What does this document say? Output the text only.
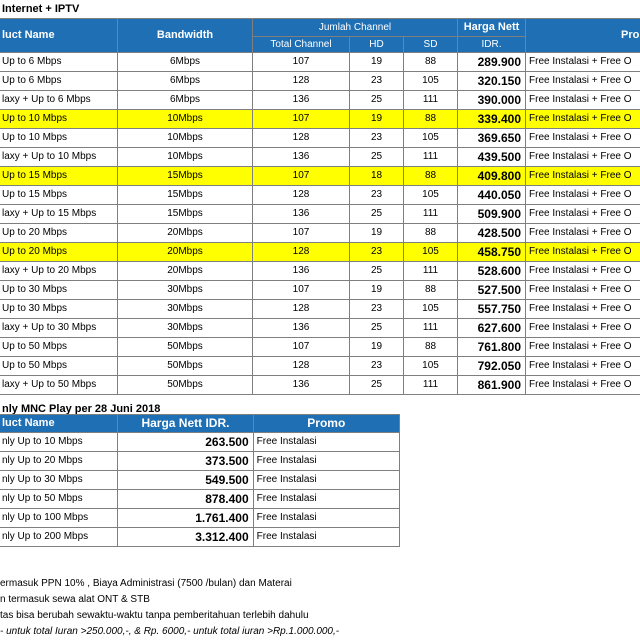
Internet + IPTV
luct Name	Bandwidth	Jumlah Channel			Harga Nett	Pro
		Total Channel	HD	SD	IDR.	
Up to 6 Mbps	6Mbps	107	19	88	289.900	Free Instalasi + Free O
Up to 6 Mbps	6Mbps	128	23	105	320.150	Free Instalasi + Free O
laxy + Up to 6 Mbps	6Mbps	136	25	111	390.000	Free Instalasi + Free O
Up to 10 Mbps	10Mbps	107	19	88	339.400	Free Instalasi + Free O
Up to 10 Mbps	10Mbps	128	23	105	369.650	Free Instalasi + Free O
laxy + Up to 10 Mbps	10Mbps	136	25	111	439.500	Free Instalasi + Free O
Up to 15 Mbps	15Mbps	107	18	88	409.800	Free Instalasi + Free O
Up to 15 Mbps	15Mbps	128	23	105	440.050	Free Instalasi + Free O
laxy + Up to 15 Mbps	15Mbps	136	25	111	509.900	Free Instalasi + Free O
Up to 20 Mbps	20Mbps	107	19	88	428.500	Free Instalasi + Free O
Up to 20 Mbps	20Mbps	128	23	105	458.750	Free Instalasi + Free O
laxy + Up to 20 Mbps	20Mbps	136	25	111	528.600	Free Instalasi + Free O
Up to 30 Mbps	30Mbps	107	19	88	527.500	Free Instalasi + Free O
Up to 30 Mbps	30Mbps	128	23	105	557.750	Free Instalasi + Free O
laxy + Up to 30 Mbps	30Mbps	136	25	111	627.600	Free Instalasi + Free O
Up to 50 Mbps	50Mbps	107	19	88	761.800	Free Instalasi + Free O
Up to 50 Mbps	50Mbps	128	23	105	792.050	Free Instalasi + Free O
laxy + Up to 50 Mbps	50Mbps	136	25	111	861.900	Free Instalasi + Free O
nly MNC Play per 28 Juni 2018
luct Name	Harga Nett IDR.	Promo
nly Up to 10 Mbps	263.500	Free Instalasi
nly Up to 20 Mbps	373.500	Free Instalasi
nly Up to 30 Mbps	549.500	Free Instalasi
nly Up to 50 Mbps	878.400	Free Instalasi
nly Up to 100 Mbps	1.761.400	Free Instalasi
nly Up to 200 Mbps	3.312.400	Free Instalasi
ermasuk PPN 10% , Biaya Administrasi (7500 /bulan) dan Materai
n termasuk sewa alat ONT & STB
tas bisa berubah sewaktu-waktu tanpa pemberitahuan terlebih dahulu
- untuk total Iuran >250.000,-, & Rp. 6000,- untuk total iuran >Rp.1.000.000,-
